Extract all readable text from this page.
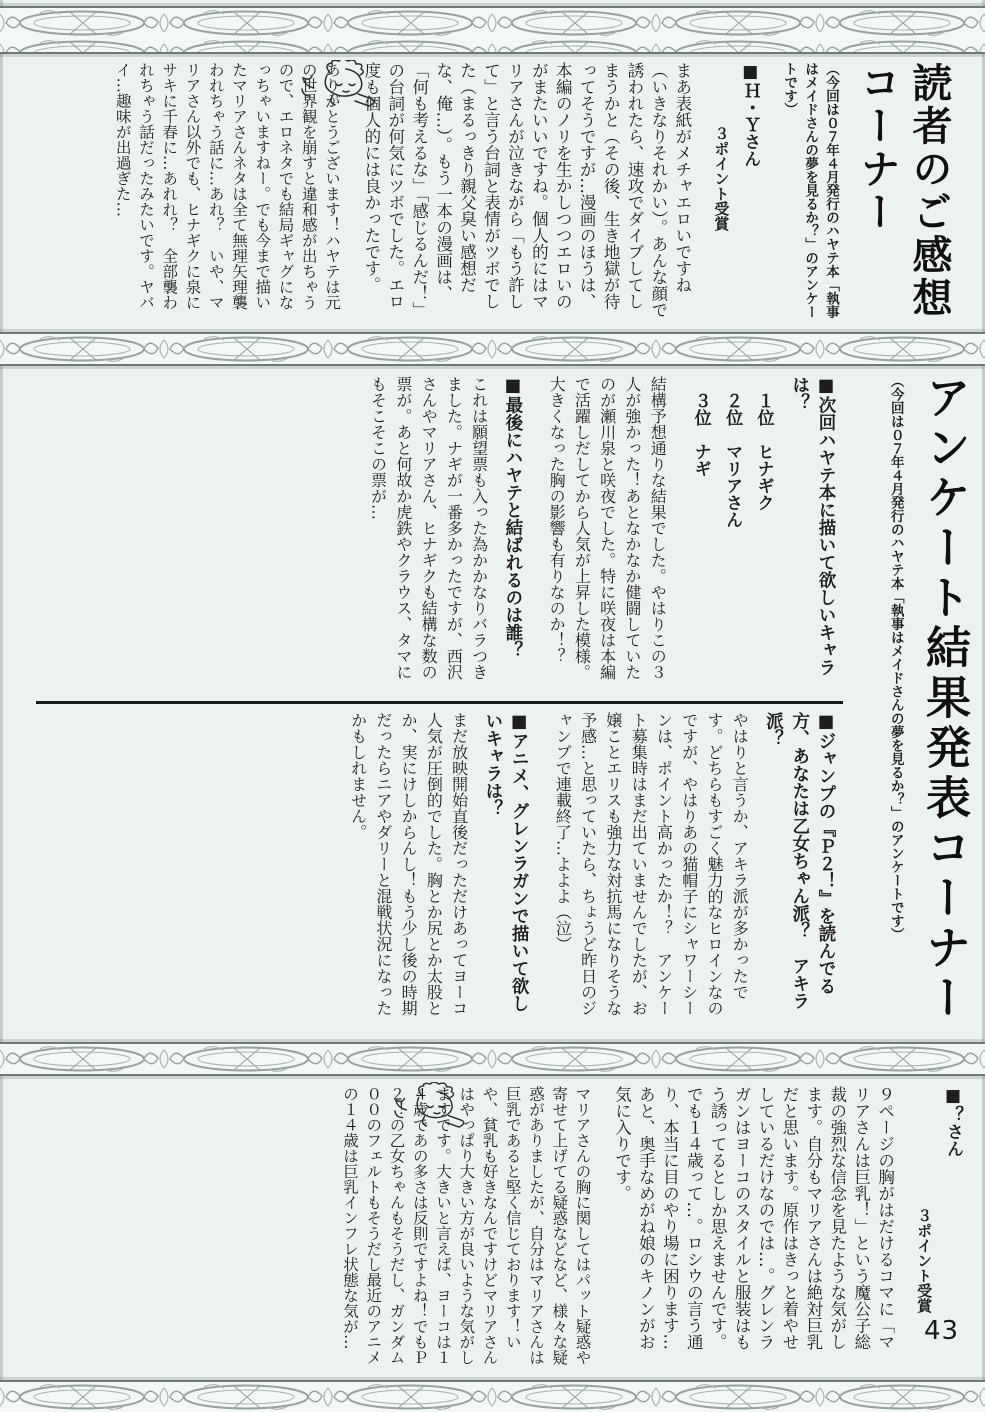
読者のご感想コーナー
（今回は０７年４月発行のハヤテ本「執事はメイドさんの夢を見るか？」のアンケートです）
■Ｈ・Ｙさん
３ポイント受賞
まあ表紙がメチャエロいですね（いきなりそれかい）。あんな顔で誘われたら、速攻でダイブしてしまうかと（その後、生き地獄が待ってそうですが…漫画のほうは、本編のノリを生かしつつエロいのがまたいいですね。個人的にはマリアさんが泣きながら「もう許して」と言う台詞と表情がツボでした（まるっきり親父臭い感想だな、俺…）。もう一本の漫画は、「何も考えるな」「感じるんだ！」の台詞が何気にツボでした。エロ度も個人的には良かったです。
ありがとうございます！ハヤテは元の世界観を崩すと違和感が出ちゃうので、エロネタでも結局ギャグになっちゃいますねー。でも今まで描いたマリアさんネタは全て無理矢理襲われちゃう話に…あれ？　いや、マリアさん以外でも、ヒナギクに泉にサキに千春に…あれれ？　全部襲われちゃう話だったみたいです。ヤバイ…趣味が出過ぎた…
■次回ハヤテ本に描いて欲しいキャラは？
１位　ヒナギク
２位　マリアさん
３位　ナギ
結構予想通りな結果でした。やはりこの３人が強かった！あとなかなか健闘していたのが瀬川泉と咲夜でした。特に咲夜は本編で活躍しだしてから人気が上昇した模様。大きくなった胸の影響も有りなのか！？
■最後にハヤテと結ばれるのは誰？
これは願望票も入った為かかなりバラつきました。ナギが一番多かったですが、西沢さんやマリアさん、ヒナギクも結構な数の票が。あと何故か虎鉄やクラウス、タマにもそこそこの票が…
■ジャンプの『Ｐ２！』を読んでる方、あなたは乙女ちゃん派？　アキラ派？
やはりと言うか、アキラ派が多かったです。どちらもすごく魅力的なヒロインなのですが、やはりあの猫帽子にシャワーシーンは、ポイント高かったか！？　アンケート募集時はまだ出ていませんでしたが、お嬢ことエリスも強力な対抗馬になりそうな予感…と思っていたら、ちょうど昨日のジャンプで連載終了…よよよ（泣）
■アニメ、グレンラガンで描いて欲しいキャラは？
まだ放映開始直後だっただけあってヨーコ人気が圧倒的でした。胸とか尻とか太股とか、実にけしからんし！もう少し後の時期だったらニアやダリーと混戦状況になったかもしれません。	アンケート結果発表コーナー
（今回は０７年４月発行のハヤテ本「執事はメイドさんの夢を見るか？」のアンケートです）
■？さん
３ポイント受賞
９ページの胸がはだけるコマに「マリアさんは巨乳！」という魔公子総裁の強烈な信念を見たような気がします。自分もマリアさんは絶対巨乳だと思います。原作はきっと着やせしているだけなのでは…。グレンラガンはヨーコのスタイルと服装はもう誘ってるとしか思えませんです。でも１４歳って…。ロシウの言う通り、本当に目のやり場に困ります…あと、奥手なめがね娘のキノンがお気に入りです。
マリアさんの胸に関してはパット疑惑や寄せて上げてる疑惑などなど、様々な疑惑がありましたが、自分はマリアさんは巨乳であると堅く信じております！いや、貧乳も好きなんですけどマリアさんはやっぱり大きい方が良いような気がしますです。大きいと言えば、ヨーコは１４歳であの多さは反則ですよね！でもＰ２！の乙女ちゃんもそうだし、ガンダム００のフェルトもそうだし最近のアニメの１４歳は巨乳インフレ状態な気が…	43
